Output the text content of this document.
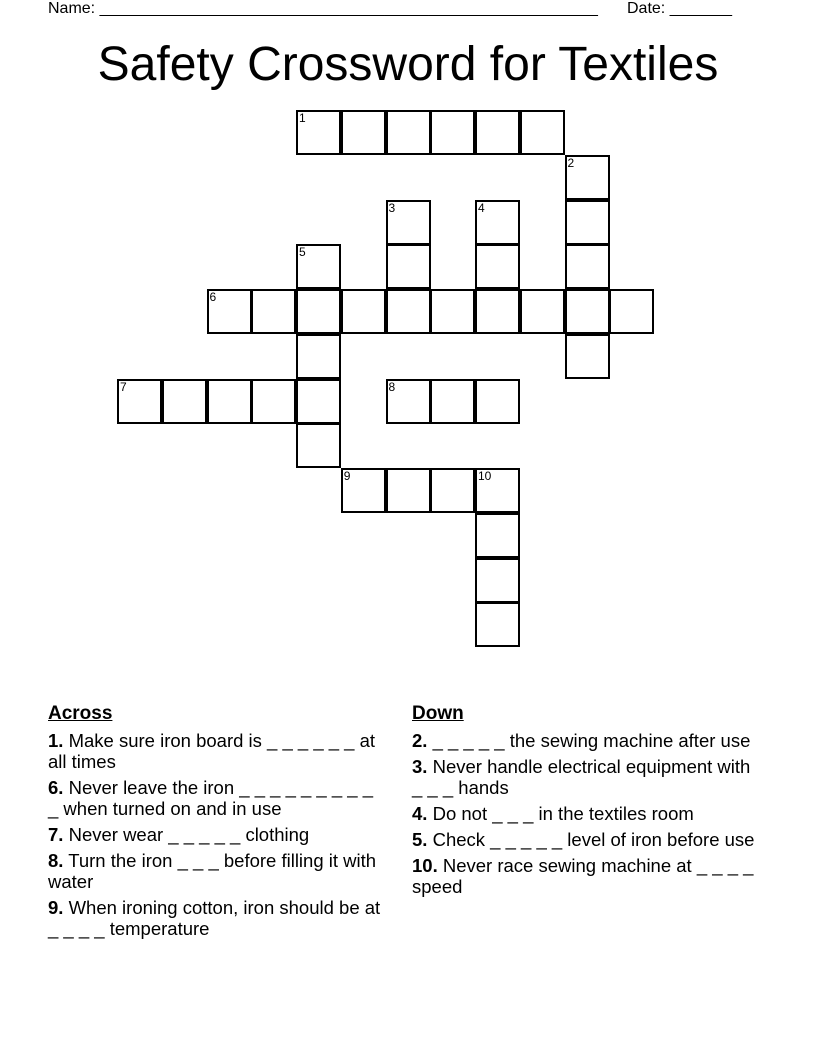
Name: ________________________________________________________ Date: _______
Safety Crossword for Textiles
1
2
3	4
5
6
7	8
9	10
Across
1. Make sure iron board is _ _ _ _ _ _ at all times
6. Never leave the iron _ _ _ _ _ _ _ _ _ _ when turned on and in use
7. Never wear _ _ _ _ _ clothing
8. Turn the iron _ _ _ before filling it with water
9. When ironing cotton, iron should be at _ _ _ _ temperature
Down
2. _ _ _ _ _ the sewing machine after use
3. Never handle electrical equipment with _ _ _ hands
4. Do not _ _ _ in the textiles room
5. Check _ _ _ _ _ level of iron before use
10. Never race sewing machine at _ _ _ _ speed
